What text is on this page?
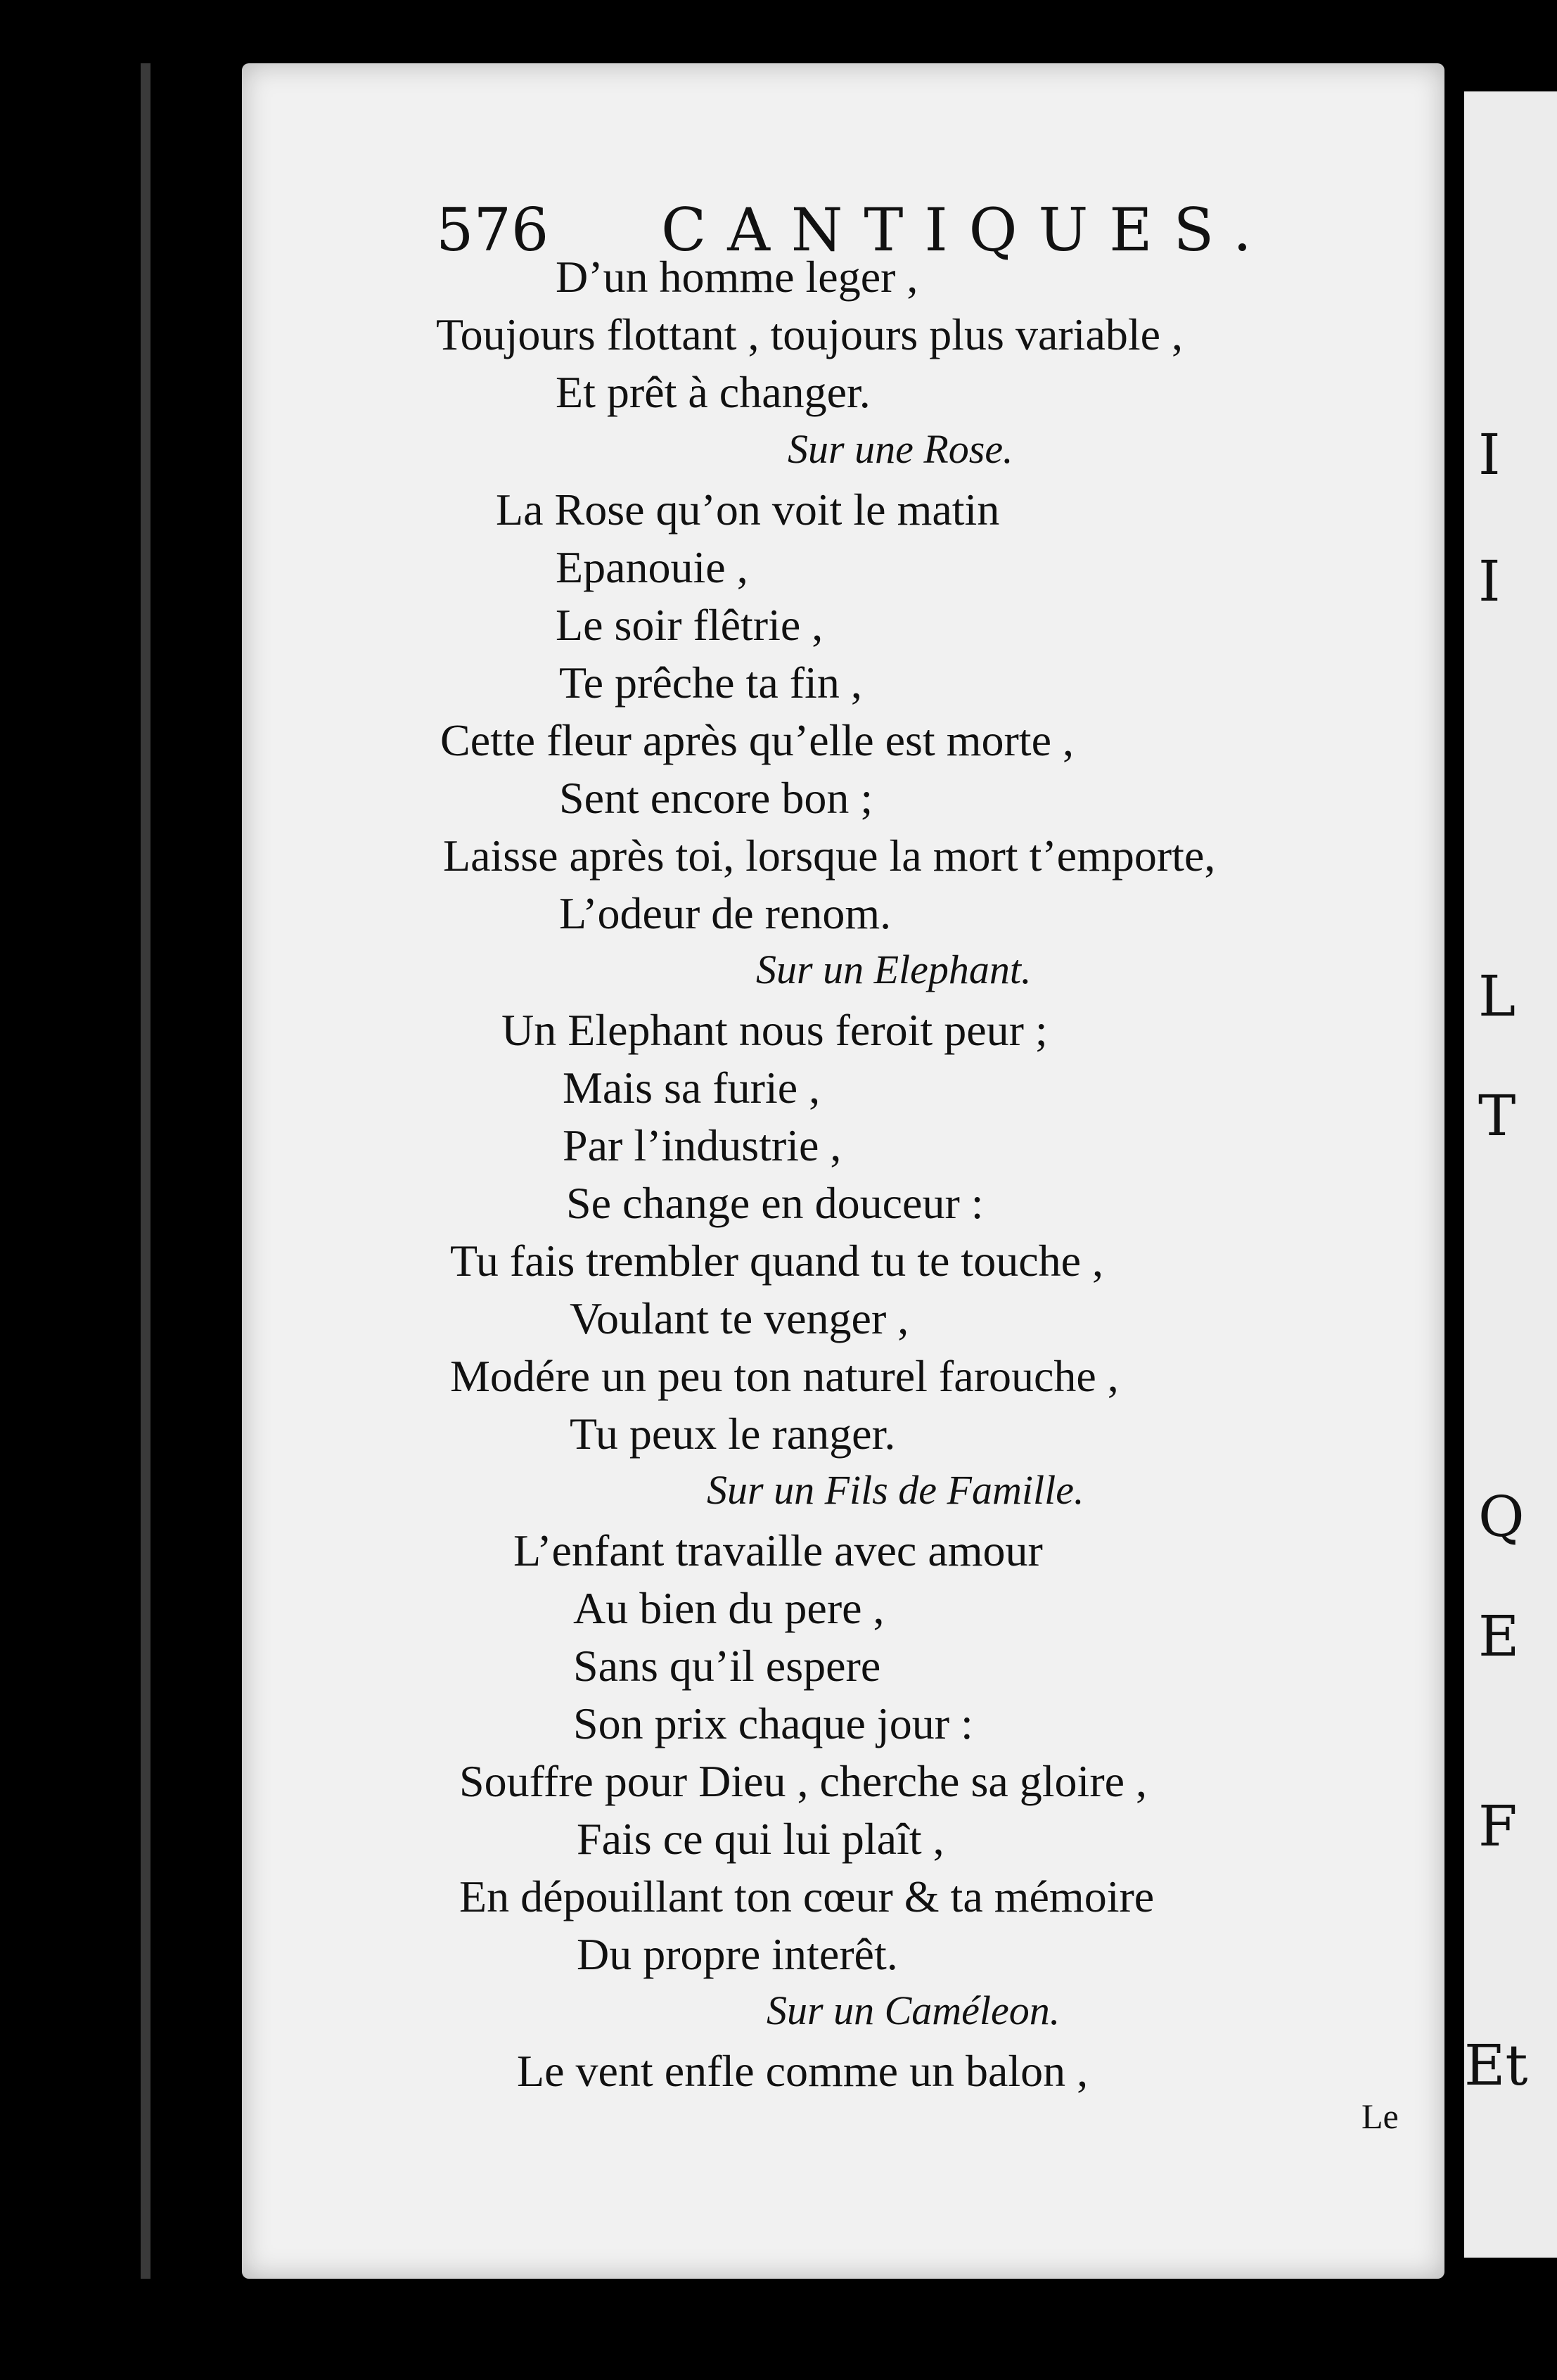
I
I
L
T
Q
E
F
Et
576 CANTIQUES.
D’un homme leger ,
Toujours flottant , toujours plus variable ,
Et prêt à changer.
Sur une Rose.
La Rose qu’on voit le matin
Epanouie ,
Le soir flêtrie ,
Te prêche ta fin ,
Cette fleur après qu’elle est morte ,
Sent encore bon ;
Laisse après toi, lorsque la mort t’emporte,
L’odeur de renom.
Sur un Elephant.
Un Elephant nous feroit peur ;
Mais sa furie ,
Par l’industrie ,
Se change en douceur :
Tu fais trembler quand tu te touche ,
Voulant te venger ,
Modére un peu ton naturel farouche ,
Tu peux le ranger.
Sur un Fils de Famille.
L’enfant travaille avec amour
Au bien du pere ,
Sans qu’il espere
Son prix chaque jour :
Souffre pour Dieu , cherche sa gloire ,
Fais ce qui lui plaît ,
En dépouillant ton cœur & ta mémoire
Du propre interêt.
Sur un Caméleon.
Le vent enfle comme un balon ,
Le
